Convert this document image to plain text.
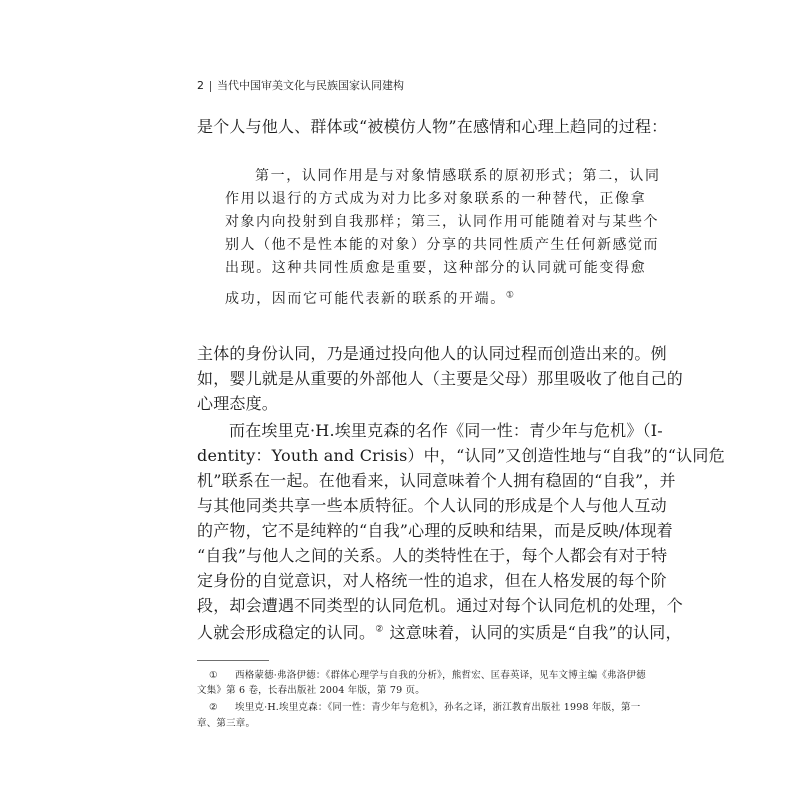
2 当代中国审美文化与民族国家认同建构
是个人与他人、群体或“被模仿人物”在感情和心理上趋同的过程：
第一，认同作用是与对象情感联系的原初形式；第二，认同
作用以退行的方式成为对力比多对象联系的一种替代，正像拿
对象内向投射到自我那样；第三，认同作用可能随着对与某些个
别人（他不是性本能的对象）分享的共同性质产生任何新感觉而
出现。这种共同性质愈是重要，这种部分的认同就可能变得愈
成功，因而它可能代表新的联系的开端。①
主体的身份认同，乃是通过投向他人的认同过程而创造出来的。例
如，婴儿就是从重要的外部他人（主要是父母）那里吸收了他自己的
心理态度。
而在埃里克·H.埃里克森的名作《同一性：青少年与危机》（I-
dentity：Youth and Crisis）中，“认同”又创造性地与“自我”的“认同危
机”联系在一起。在他看来，认同意味着个人拥有稳固的“自我”，并
与其他同类共享一些本质特征。个人认同的形成是个人与他人互动
的产物，它不是纯粹的“自我”心理的反映和结果，而是反映/体现着
“自我”与他人之间的关系。人的类特性在于，每个人都会有对于特
定身份的自觉意识，对人格统一性的追求，但在人格发展的每个阶
段，却会遭遇不同类型的认同危机。通过对每个认同危机的处理，个
人就会形成稳定的认同。② 这意味着，认同的实质是“自我”的认同，
① 西格蒙德·弗洛伊德：《群体心理学与自我的分析》，熊哲宏、匡春英译，见车文博主编《弗洛伊德
文集》第 6 卷，长春出版社 2004 年版，第 79 页。
② 埃里克·H.埃里克森：《同一性：青少年与危机》，孙名之译，浙江教育出版社 1998 年版，第一
章、第三章。
